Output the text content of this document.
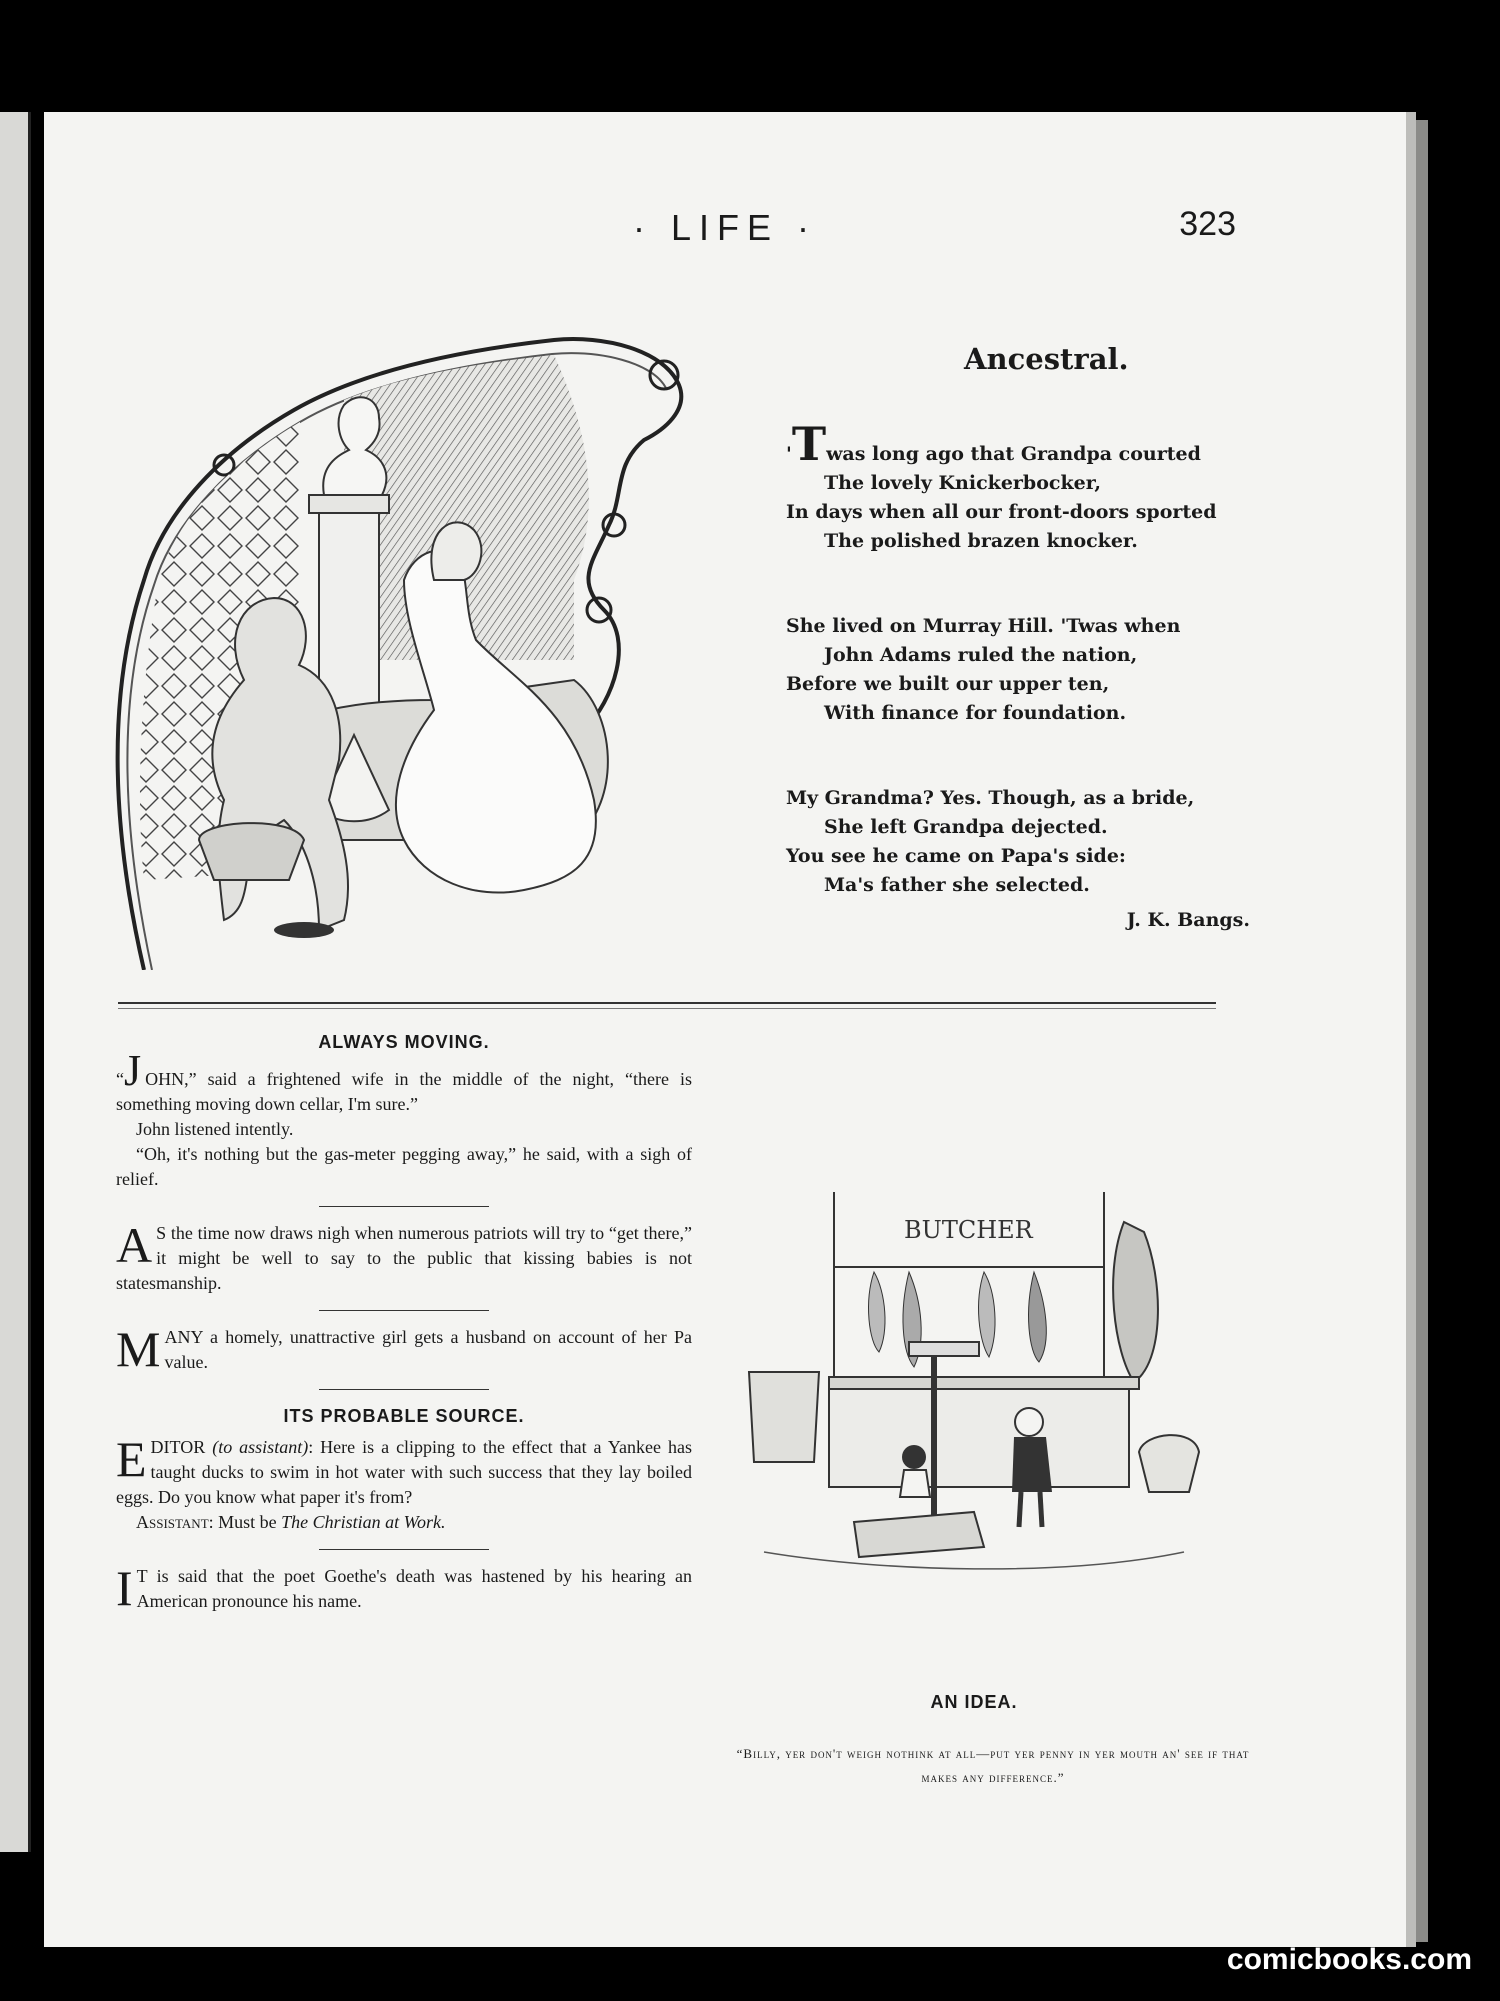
· LIFE ·	323
Ancestral.
'Twas long ago that Grandpa courted
The lovely Knickerbocker,
In days when all our front-doors sported
The polished brazen knocker.
She lived on Murray Hill. 'Twas when
John Adams ruled the nation,
Before we built our upper ten,
With finance for foundation.
My Grandma? Yes. Though, as a bride,
She left Grandpa dejected.
You see he came on Papa's side:
Ma's father she selected.
J. K. Bangs.
ALWAYS MOVING.

“J OHN,” said a frightened wife in the middle of the night, “there is something moving down cellar, I'm sure.”

John listened intently.

“Oh, it's nothing but the gas-meter pegging away,” he said, with a sigh of relief.

A S the time now draws nigh when numerous patriots will try to “get there,” it might be well to say to the public that kissing babies is not statesmanship.

MANY a homely, unattractive girl gets a husband on account of her Pa value.

ITS PROBABLE SOURCE.

EDITOR (to assistant): Here is a clipping to the effect that a Yankee has taught ducks to swim in hot water with such success that they lay boiled eggs. Do you know what paper it's from?

Assistant: Must be The Christian at Work.

I T is said that the poet Goethe's death was hastened by his hearing an American pronounce his name.

BUTCHER
AN IDEA.
“Billy, yer don't weigh nothink at all—put yer penny in yer mouth an' see if that makes any difference.”
comicbooks.com
